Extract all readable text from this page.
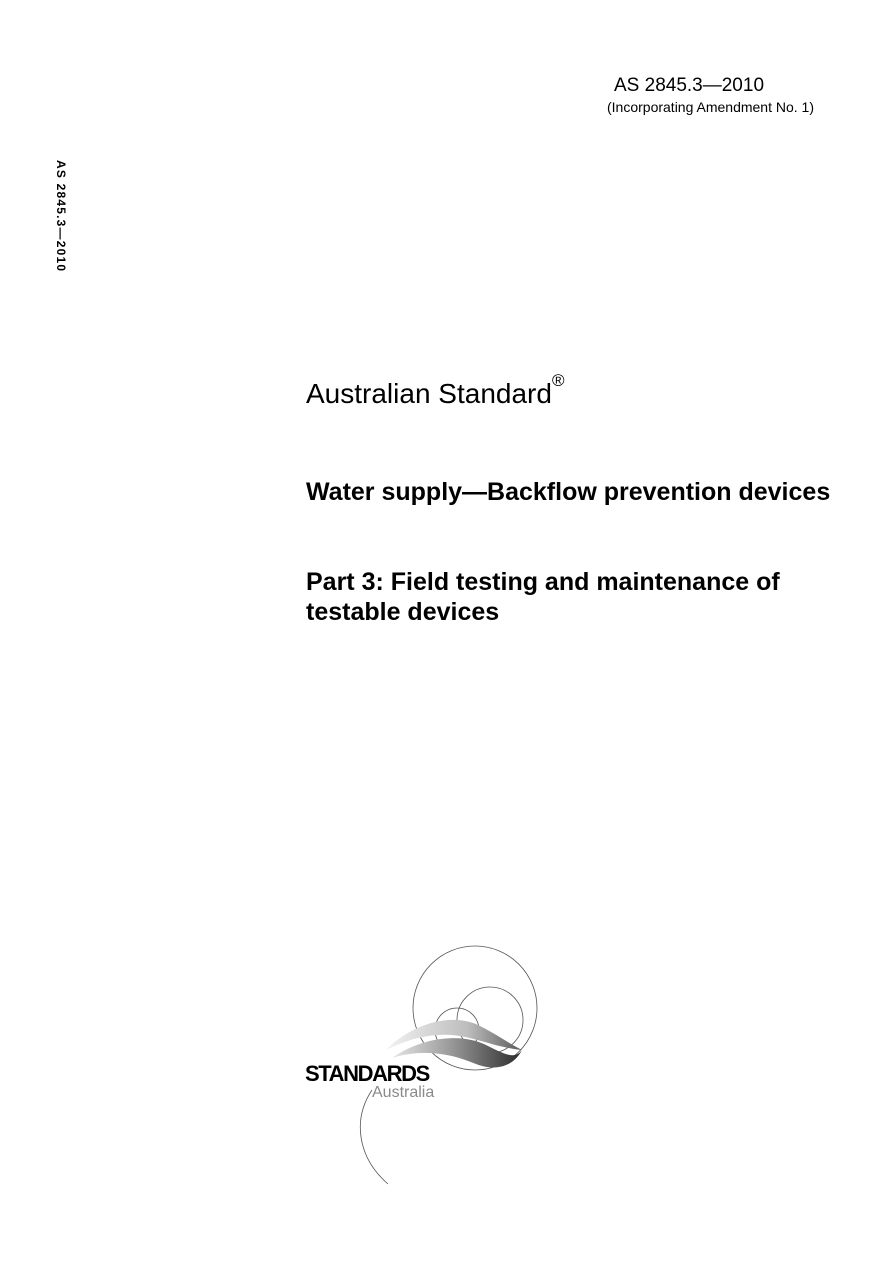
AS 2845.3—2010
(Incorporating Amendment No. 1)
AS 2845.3—2010
Australian Standard®
Water supply—Backflow prevention devices
Part 3: Field testing and maintenance of testable devices
STANDARDS
Australia
